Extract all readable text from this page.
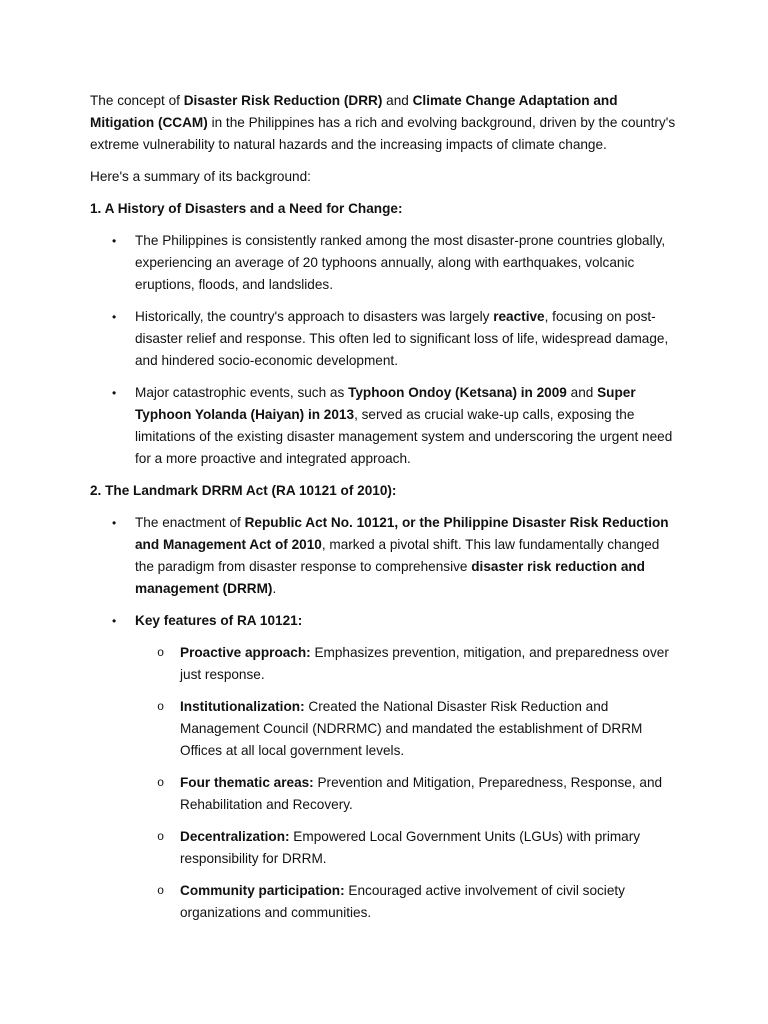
The concept of Disaster Risk Reduction (DRR) and Climate Change Adaptation and Mitigation (CCAM) in the Philippines has a rich and evolving background, driven by the country's extreme vulnerability to natural hazards and the increasing impacts of climate change.

Here's a summary of its background:

1. A History of Disasters and a Need for Change:

• The Philippines is consistently ranked among the most disaster-prone countries globally, experiencing an average of 20 typhoons annually, along with earthquakes, volcanic eruptions, floods, and landslides.
• Historically, the country's approach to disasters was largely reactive, focusing on post-disaster relief and response. This often led to significant loss of life, widespread damage, and hindered socio-economic development.
• Major catastrophic events, such as Typhoon Ondoy (Ketsana) in 2009 and Super Typhoon Yolanda (Haiyan) in 2013, served as crucial wake-up calls, exposing the limitations of the existing disaster management system and underscoring the urgent need for a more proactive and integrated approach.

2. The Landmark DRRM Act (RA 10121 of 2010):

• The enactment of Republic Act No. 10121, or the Philippine Disaster Risk Reduction and Management Act of 2010, marked a pivotal shift. This law fundamentally changed the paradigm from disaster response to comprehensive disaster risk reduction and management (DRRM).
• Key features of RA 10121:
o Proactive approach: Emphasizes prevention, mitigation, and preparedness over just response.
o Institutionalization: Created the National Disaster Risk Reduction and Management Council (NDRRMC) and mandated the establishment of DRRM Offices at all local government levels.
o Four thematic areas: Prevention and Mitigation, Preparedness, Response, and Rehabilitation and Recovery.
o Decentralization: Empowered Local Government Units (LGUs) with primary responsibility for DRRM.
o Community participation: Encouraged active involvement of civil society organizations and communities.
